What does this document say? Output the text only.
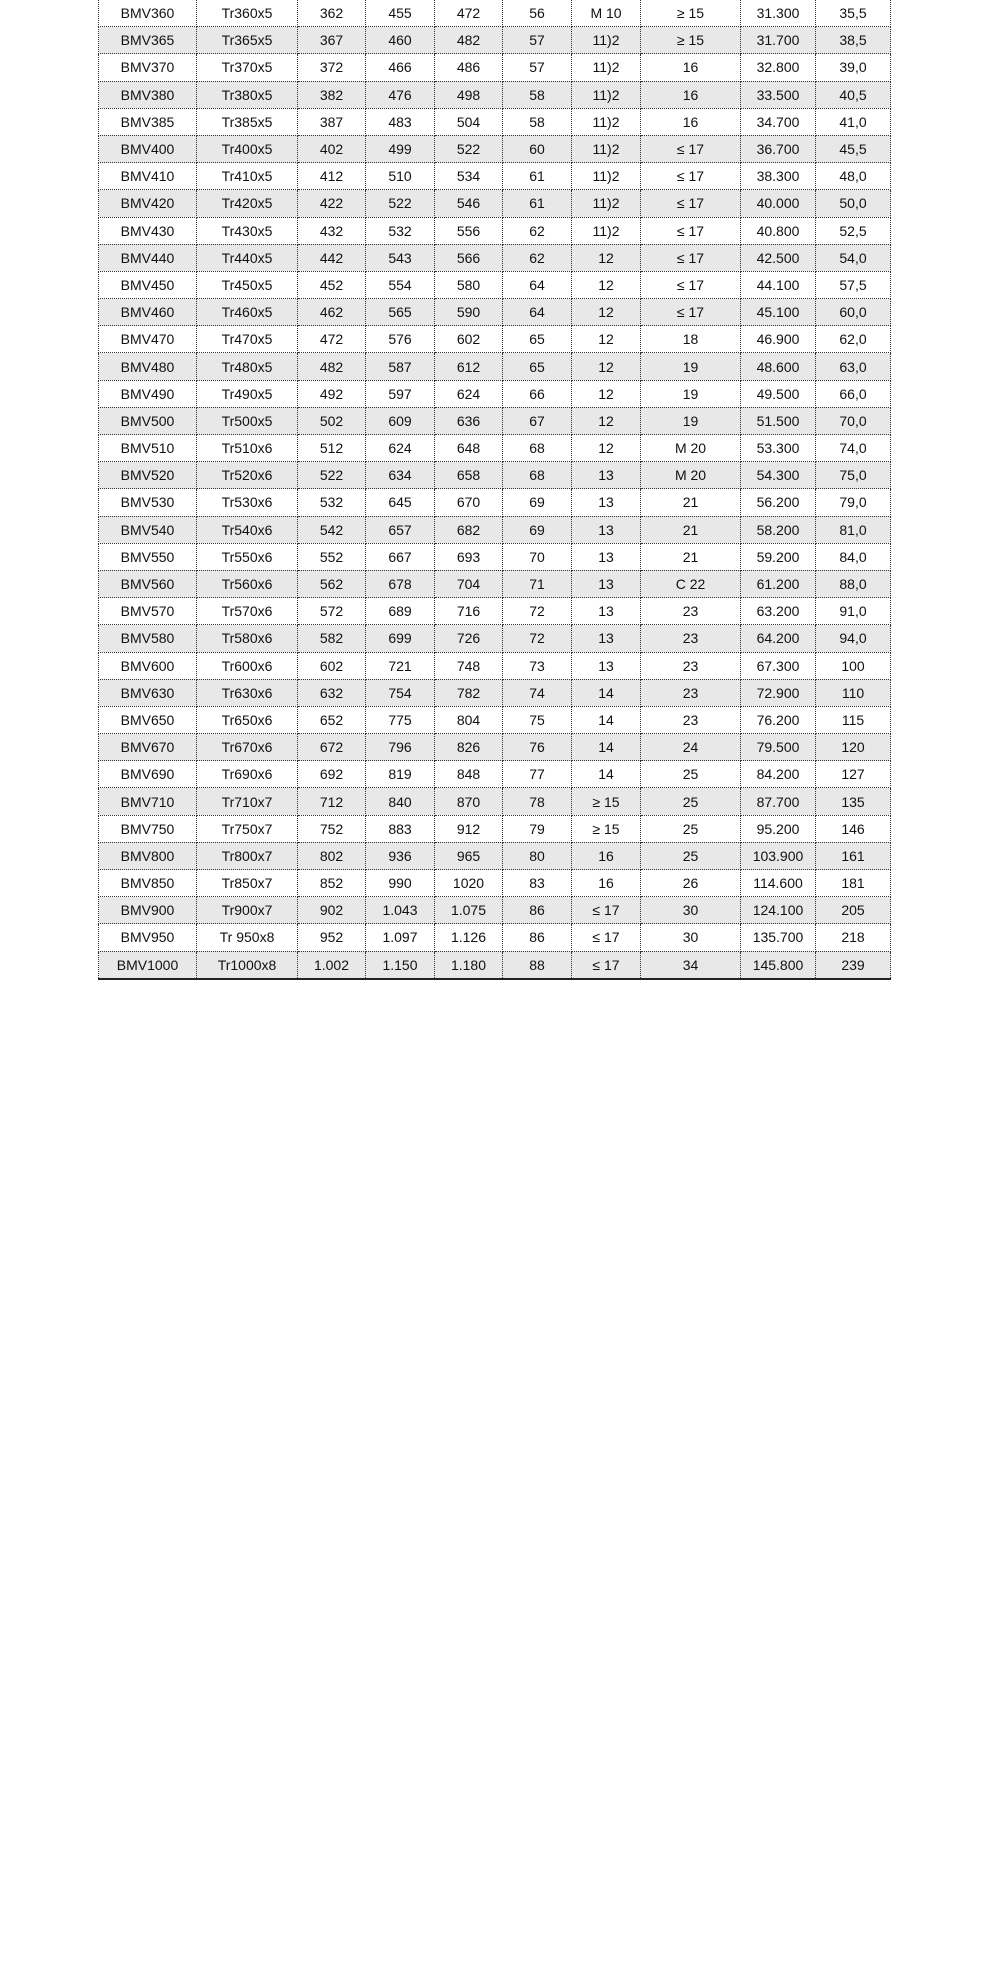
BMV360	Tr360x5	362	455	472	56	M 10	≥ 15	31.300	35,5
BMV365	Tr365x5	367	460	482	57	11)2	≥ 15	31.700	38,5
BMV370	Tr370x5	372	466	486	57	11)2	16	32.800	39,0
BMV380	Tr380x5	382	476	498	58	11)2	16	33.500	40,5
BMV385	Tr385x5	387	483	504	58	11)2	16	34.700	41,0
BMV400	Tr400x5	402	499	522	60	11)2	≤ 17	36.700	45,5
BMV410	Tr410x5	412	510	534	61	11)2	≤ 17	38.300	48,0
BMV420	Tr420x5	422	522	546	61	11)2	≤ 17	40.000	50,0
BMV430	Tr430x5	432	532	556	62	11)2	≤ 17	40.800	52,5
BMV440	Tr440x5	442	543	566	62	12	≤ 17	42.500	54,0
BMV450	Tr450x5	452	554	580	64	12	≤ 17	44.100	57,5
BMV460	Tr460x5	462	565	590	64	12	≤ 17	45.100	60,0
BMV470	Tr470x5	472	576	602	65	12	18	46.900	62,0
BMV480	Tr480x5	482	587	612	65	12	19	48.600	63,0
BMV490	Tr490x5	492	597	624	66	12	19	49.500	66,0
BMV500	Tr500x5	502	609	636	67	12	19	51.500	70,0
BMV510	Tr510x6	512	624	648	68	12	M 20	53.300	74,0
BMV520	Tr520x6	522	634	658	68	13	M 20	54.300	75,0
BMV530	Tr530x6	532	645	670	69	13	21	56.200	79,0
BMV540	Tr540x6	542	657	682	69	13	21	58.200	81,0
BMV550	Tr550x6	552	667	693	70	13	21	59.200	84,0
BMV560	Tr560x6	562	678	704	71	13	C 22	61.200	88,0
BMV570	Tr570x6	572	689	716	72	13	23	63.200	91,0
BMV580	Tr580x6	582	699	726	72	13	23	64.200	94,0
BMV600	Tr600x6	602	721	748	73	13	23	67.300	100
BMV630	Tr630x6	632	754	782	74	14	23	72.900	110
BMV650	Tr650x6	652	775	804	75	14	23	76.200	115
BMV670	Tr670x6	672	796	826	76	14	24	79.500	120
BMV690	Tr690x6	692	819	848	77	14	25	84.200	127
BMV710	Tr710x7	712	840	870	78	≥ 15	25	87.700	135
BMV750	Tr750x7	752	883	912	79	≥ 15	25	95.200	146
BMV800	Tr800x7	802	936	965	80	16	25	103.900	161
BMV850	Tr850x7	852	990	1020	83	16	26	114.600	181
BMV900	Tr900x7	902	1.043	1.075	86	≤ 17	30	124.100	205
BMV950	Tr 950x8	952	1.097	1.126	86	≤ 17	30	135.700	218
BMV1000	Tr1000x8	1.002	1.150	1.180	88	≤ 17	34	145.800	239
